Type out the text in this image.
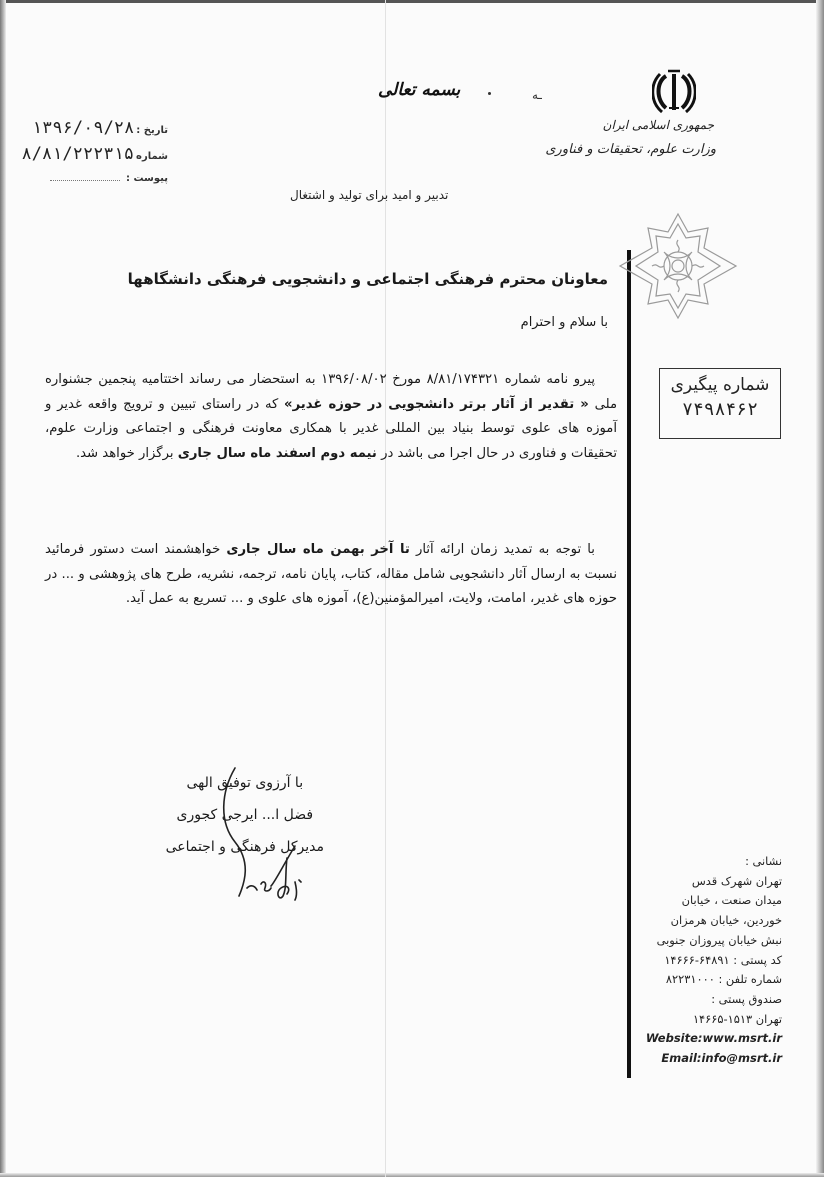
جمهوری اسلامی ایران
وزارت علوم، تحقیقات و فناوری
بسمه تعالی	ـه
تدبیر و امید برای تولید و اشتغال
تاریخ :
۱۳۹۶/۰۹/۲۸
شماره
۸/۸۱/۲۲۲۳۱۵
پیوست :
شماره پیگیری
۷۴۹۸۴۶۲
معاونان محترم فرهنگی اجتماعی و دانشجویی فرهنگی دانشگاهها
با سلام و احترام
پیرو نامه شماره ۸/۸۱/۱۷۴۳۲۱ مورخ ۱۳۹۶/۰۸/۰۲ به استحضار می رساند اختتامیه پنجمین جشنواره ملی « تقدیر از آثار برتر دانشجویی در حوزه غدیر» که در راستای تبیین و ترویج واقعه غدیر و آموزه های علوی توسط بنیاد بین المللی غدیر با همکاری معاونت فرهنگی و اجتماعی وزارت علوم، تحقیقات و فناوری در حال اجرا می باشد در نیمه دوم اسفند ماه سال جاری برگزار خواهد شد.
با توجه به تمدید زمان ارائه آثار تا آخر بهمن ماه سال جاری خواهشمند است دستور فرمائید نسبت به ارسال آثار دانشجویی شامل مقاله، کتاب، پایان نامه، ترجمه، نشریه، طرح های پژوهشی و ... در حوزه های غدیر، امامت، ولایت، امیرالمؤمنین(ع)، آموزه های علوی و ... تسریع به عمل آید.
با آرزوی توفیق الهی
فضل ا... ایرجی کجوری
مدیرکل فرهنگی و اجتماعی
نشانی :
تهران شهرک قدس
میدان صنعت ، خیابان
خوردین، خیابان هرمزان
نبش خیابان پیروزان جنوبی
کد پستی : ۶۴۸۹۱-۱۴۶۶۶
شماره تلفن : ۸۲۲۳۱۰۰۰
صندوق پستی :
تهران ۱۵۱۳-۱۴۶۶۵
Website:www.msrt.ir
Email:info@msrt.ir
